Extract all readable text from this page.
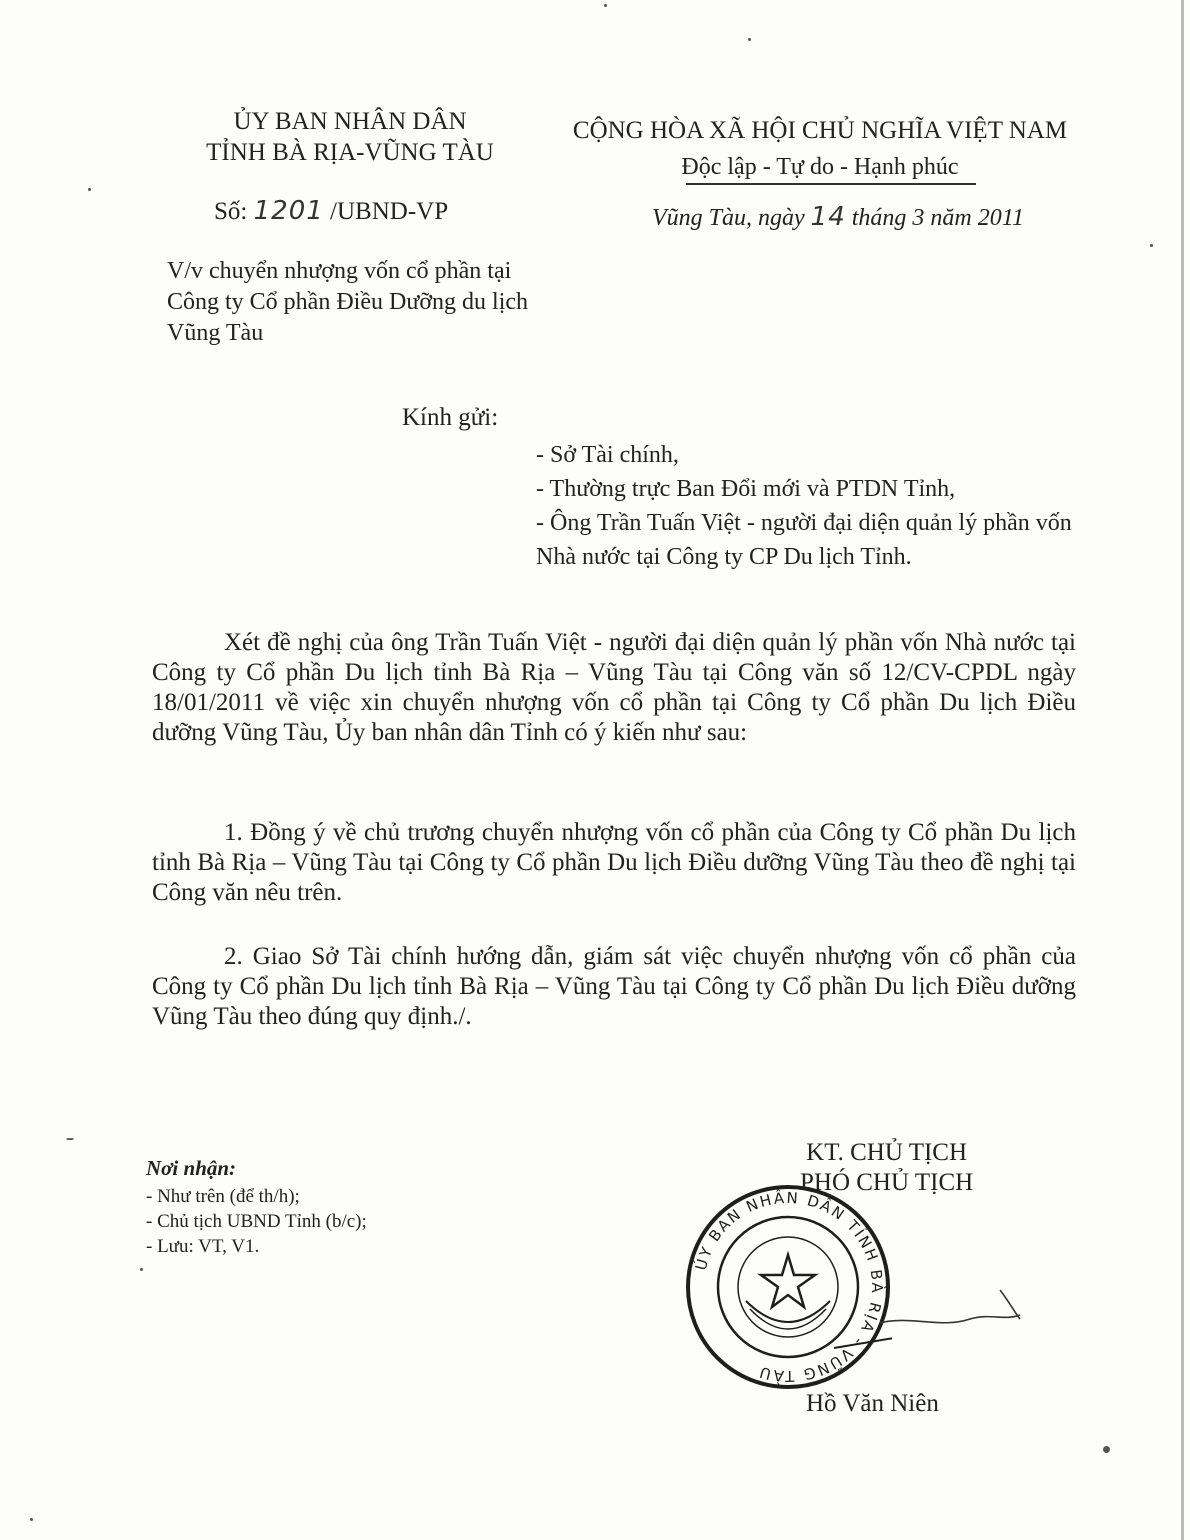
ỦY BAN NHÂN DÂN
TỈNH BÀ RỊA-VŨNG TÀU
CỘNG HÒA XÃ HỘI CHỦ NGHĨA VIỆT NAM
Độc lập - Tự do - Hạnh phúc
Số: 1201 /UBND-VP	Vũng Tàu, ngày 14 tháng 3 năm 2011
V/v chuyển nhượng vốn cổ phần tại Công ty Cổ phần Điều Dưỡng du lịch Vũng Tàu
Kính gửi:
- Sở Tài chính,
- Thường trực Ban Đổi mới và PTDN Tỉnh,
- Ông Trần Tuấn Việt - người đại diện quản lý phần vốn Nhà nước tại Công ty CP Du lịch Tỉnh.
Xét đề nghị của ông Trần Tuấn Việt - người đại diện quản lý phần vốn Nhà nước tại Công ty Cổ phần Du lịch tỉnh Bà Rịa – Vũng Tàu tại Công văn số 12/CV-CPDL ngày 18/01/2011 về việc xin chuyển nhượng vốn cổ phần tại Công ty Cổ phần Du lịch Điều dưỡng Vũng Tàu, Ủy ban nhân dân Tỉnh có ý kiến như sau:
1. Đồng ý về chủ trương chuyển nhượng vốn cổ phần của Công ty Cổ phần Du lịch tỉnh Bà Rịa – Vũng Tàu tại Công ty Cổ phần Du lịch Điều dưỡng Vũng Tàu theo đề nghị tại Công văn nêu trên.
2. Giao Sở Tài chính hướng dẫn, giám sát việc chuyển nhượng vốn cổ phần của Công ty Cổ phần Du lịch tỉnh Bà Rịa – Vũng Tàu tại Công ty Cổ phần Du lịch Điều dưỡng Vũng Tàu theo đúng quy định./.
Nơi nhận:
- Như trên (để th/h);
- Chủ tịch UBND Tỉnh (b/c);
- Lưu: VT, V1.
KT. CHỦ TỊCH
PHÓ CHỦ TỊCH
ỦY BAN NHÂN DÂN TỈNH BÀ RỊA - VŨNG TÀU
Hồ Văn Niên
